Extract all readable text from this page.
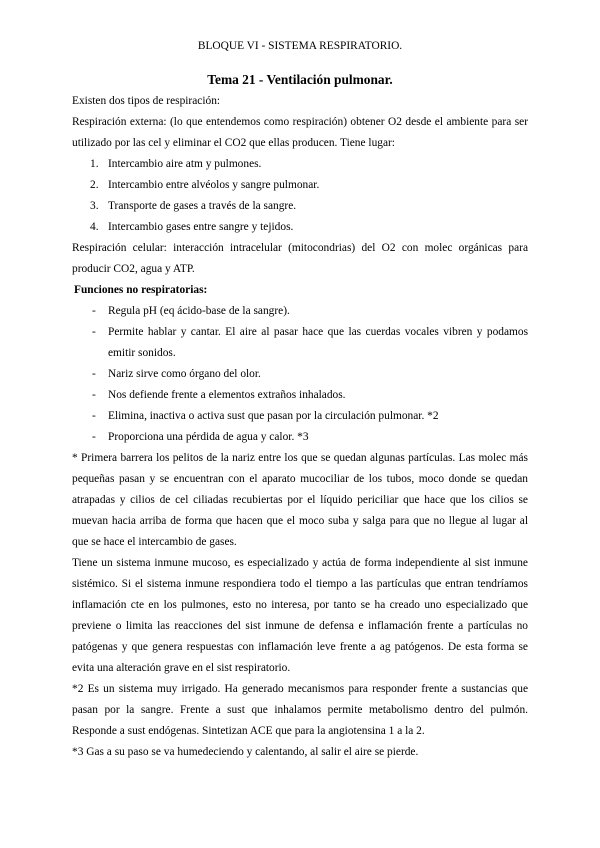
BLOQUE VI - SISTEMA RESPIRATORIO.
Tema 21 - Ventilación pulmonar.

Existen dos tipos de respiración:

Respiración externa: (lo que entendemos como respiración) obtener O2 desde el ambiente para ser utilizado por las cel y eliminar el CO2 que ellas producen. Tiene lugar:

1. Intercambio aire atm y pulmones.
2. Intercambio entre alvéolos y sangre pulmonar.
3. Transporte de gases a través de la sangre.
4. Intercambio gases entre sangre y tejidos.

Respiración celular: interacción intracelular (mitocondrias) del O2 con molec orgánicas para producir CO2, agua y ATP.

Funciones no respiratorias:

- Regula pH (eq ácido-base de la sangre).
- Permite hablar y cantar. El aire al pasar hace que las cuerdas vocales vibren y podamos emitir sonidos.
- Nariz sirve como órgano del olor.
- Nos defiende frente a elementos extraños inhalados.
- Elimina, inactiva o activa sust que pasan por la circulación pulmonar. *2
- Proporciona una pérdida de agua y calor. *3

* Primera barrera los pelitos de la nariz entre los que se quedan algunas partículas. Las molec más pequeñas pasan y se encuentran con el aparato mucociliar de los tubos, moco donde se quedan atrapadas y cilios de cel ciliadas recubiertas por el líquido periciliar que hace que los cilios se muevan hacia arriba de forma que hacen que el moco suba y salga para que no llegue al lugar al que se hace el intercambio de gases.

Tiene un sistema inmune mucoso, es especializado y actúa de forma independiente al sist inmune sistémico. Si el sistema inmune respondiera todo el tiempo a las partículas que entran tendríamos inflamación cte en los pulmones, esto no interesa, por tanto se ha creado uno especializado que previene o limita las reacciones del sist inmune de defensa e inflamación frente a partículas no patógenas y que genera respuestas con inflamación leve frente a ag patógenos. De esta forma se evita una alteración grave en el sist respiratorio.

*2 Es un sistema muy irrigado. Ha generado mecanismos para responder frente a sustancias que pasan por la sangre. Frente a sust que inhalamos permite metabolismo dentro del pulmón. Responde a sust endógenas. Sintetizan ACE que para la angiotensina 1 a la 2.

*3 Gas a su paso se va humedeciendo y calentando, al salir el aire se pierde.
